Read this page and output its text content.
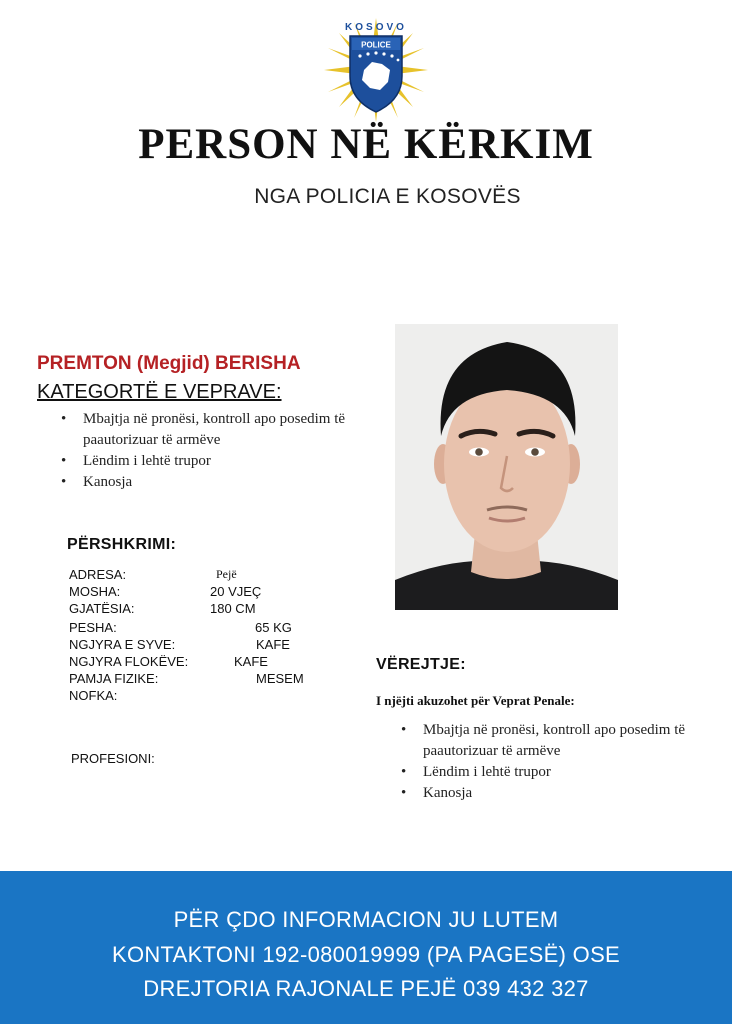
POLICE
KOSOVO
PERSON NË KËRKIM
NGA POLICIA E KOSOVËS
PREMTON (Megjid) BERISHA
KATEGORTË E VEPRAVE:
• Mbajtja në pronësi, kontroll apo posedim të paautorizuar të armëve
• Lëndim i lehtë trupor
• Kanosja
PËRSHKRIMI:
ADRESA:	Pejë
MOSHA:	20 VJEÇ
GJATËSIA:	180 CM
PESHA:	65 KG
NGJYRA E SYVE:	KAFE
NGJYRA FLOKËVE:	KAFE
PAMJA FIZIKE:	MESEM
NOFKA:
PROFESIONI:
VËREJTJE:
I njëjti akuzohet për Veprat Penale:
• Mbajtja në pronësi, kontroll apo posedim të paautorizuar të armëve
• Lëndim i lehtë trupor
• Kanosja
PËR ÇDO INFORMACION JU LUTEM
KONTAKTONI 192-080019999 (PA PAGESË) OSE
DREJTORIA RAJONALE PEJË 039 432 327
